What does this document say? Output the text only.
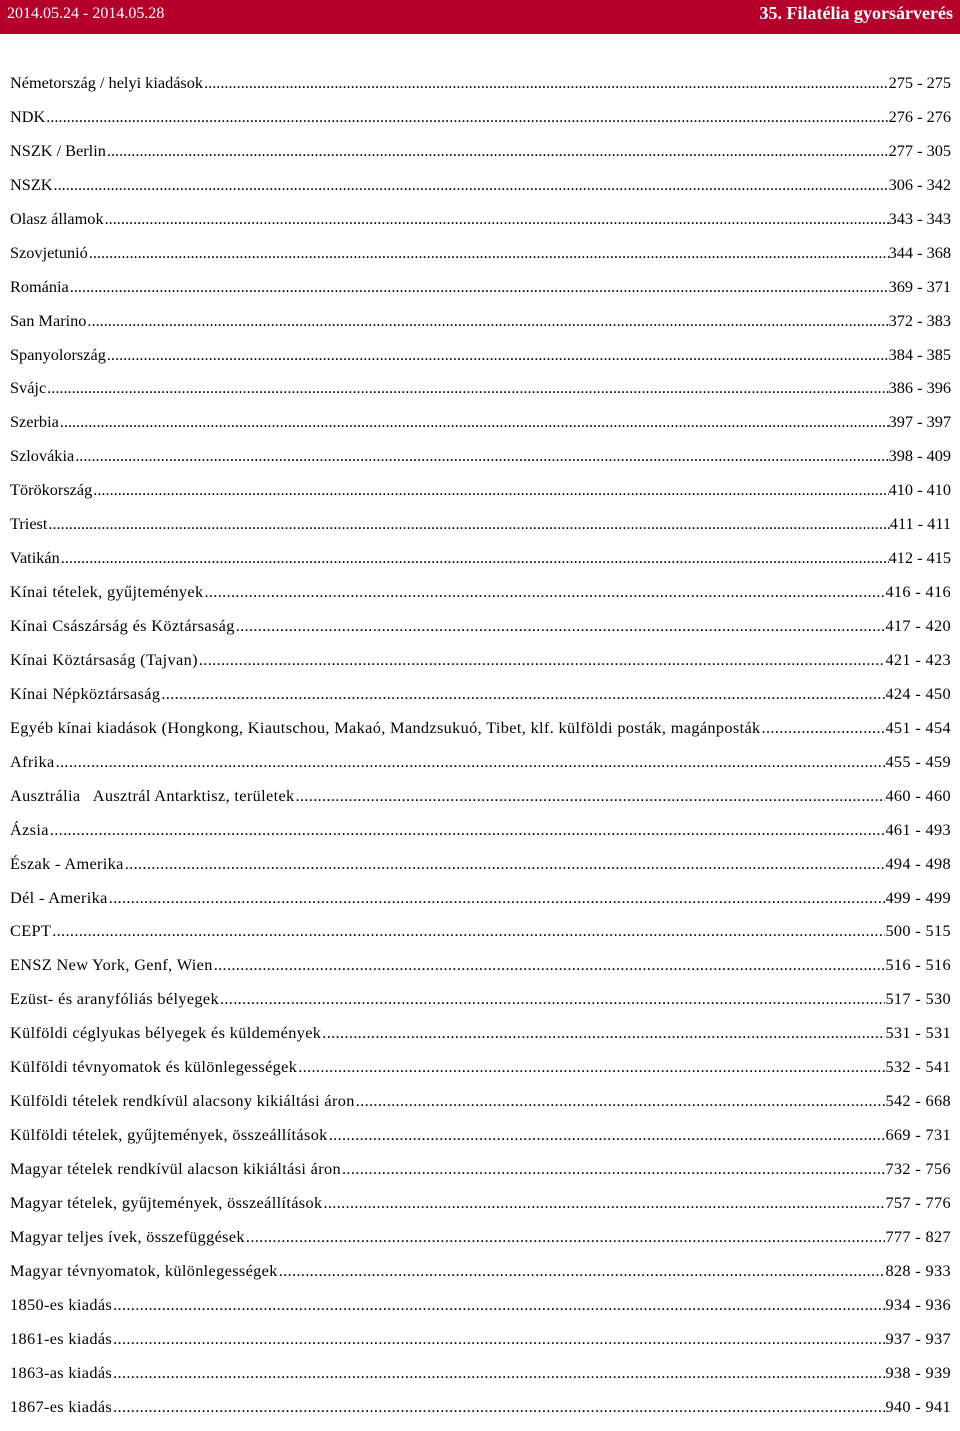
2014.05.24 - 2014.05.28	35. Filatélia gyorsárverés
Németország / helyi kiadások .....	275 - 275
NDK .....	276 - 276
NSZK / Berlin .....	277 - 305
NSZK .....	306 - 342
Olasz államok .....	343 - 343
Szovjetunió .....	344 - 368
Románia .....	369 - 371
San Marino .....	372 - 383
Spanyolország .....	384 - 385
Svájc .....	386 - 396
Szerbia .....	397 - 397
Szlovákia .....	398 - 409
Törökország .....	410 - 410
Triest .....	411 - 411
Vatikán .....	412 - 415
Kínai tételek, gyűjtemények .....	416 - 416
Kínai Császárság és Köztársaság .....	417 - 420
Kínai Köztársaság (Tajvan) .....	421 - 423
Kínai Népköztársaság .....	424 - 450
Egyéb kínai kiadások (Hongkong, Kiautschou, Makaó, Mandzsukuó, Tibet, klf. külföldi posták, magánposták .....	451 - 454
Afrika .....	455 - 459
Ausztrália   Ausztrál Antarktisz, területek .....	460 - 460
Ázsia .....	461 - 493
Észak - Amerika .....	494 - 498
Dél - Amerika .....	499 - 499
CEPT .....	500 - 515
ENSZ New York, Genf, Wien .....	516 - 516
Ezüst- és aranyfóliás bélyegek .....	517 - 530
Külföldi céglyukas bélyegek és küldemények .....	531 - 531
Külföldi tévnyomatok és különlegességek .....	532 - 541
Külföldi tételek rendkívül alacsony kikiáltási áron .....	542 - 668
Külföldi tételek, gyűjtemények, összeállítások .....	669 - 731
Magyar tételek rendkívül alacson kikiáltási áron .....	732 - 756
Magyar tételek, gyűjtemények, összeállítások .....	757 - 776
Magyar teljes ívek, összefüggések .....	777 - 827
Magyar tévnyomatok, különlegességek .....	828 - 933
1850-es kiadás .....	934 - 936
1861-es kiadás .....	937 - 937
1863-as kiadás .....	938 - 939
1867-es kiadás .....	940 - 941
